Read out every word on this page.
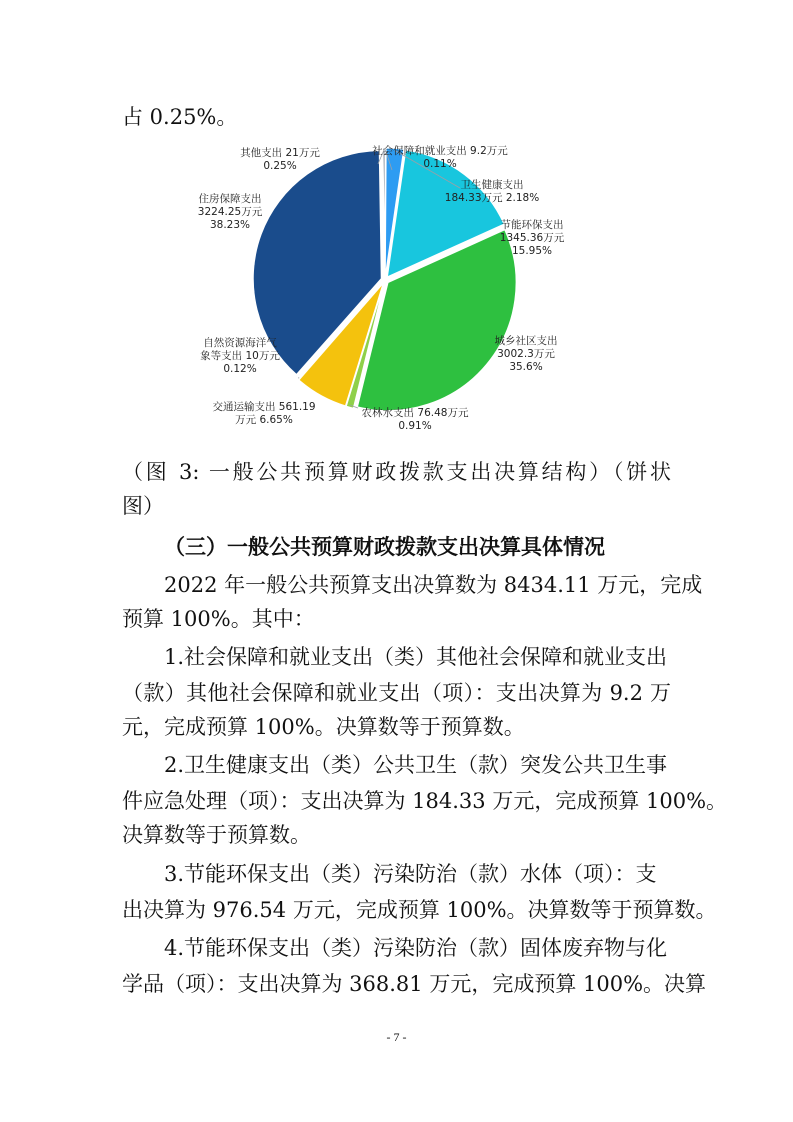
占 0.25%。
社会保障和就业支出 9.2万元 0.11%
卫生健康支出 184.33万元 2.18%
节能环保支出 1345.36万元 15.95%
城乡社区支出 3002.3万元 35.6%
农林水支出 76.48万元 0.91%
交通运输支出 561.19 万元 6.65%
自然资源海洋气象等支出 10万元 0.12%
住房保障支出 3224.25万元 38.23%
其他支出 21万元 0.25%
（图 3: 一般公共预算财政拨款支出决算结构）（饼状
图）
（三）一般公共预算财政拨款支出决算具体情况
2022 年一般公共预算支出决算数为 8434.11 万元，完成
预算 100%。其中：
1.社会保障和就业支出（类）其他社会保障和就业支出
（款）其他社会保障和就业支出（项）：支出决算为 9.2 万
元，完成预算 100%。决算数等于预算数。
2.卫生健康支出（类）公共卫生（款）突发公共卫生事
件应急处理（项）：支出决算为 184.33 万元，完成预算 100%。
决算数等于预算数。
3.节能环保支出（类）污染防治（款）水体（项）：支
出决算为 976.54 万元，完成预算 100%。决算数等于预算数。
4.节能环保支出（类）污染防治（款）固体废弃物与化
学品（项）：支出决算为 368.81 万元，完成预算 100%。决算
- 7 -
